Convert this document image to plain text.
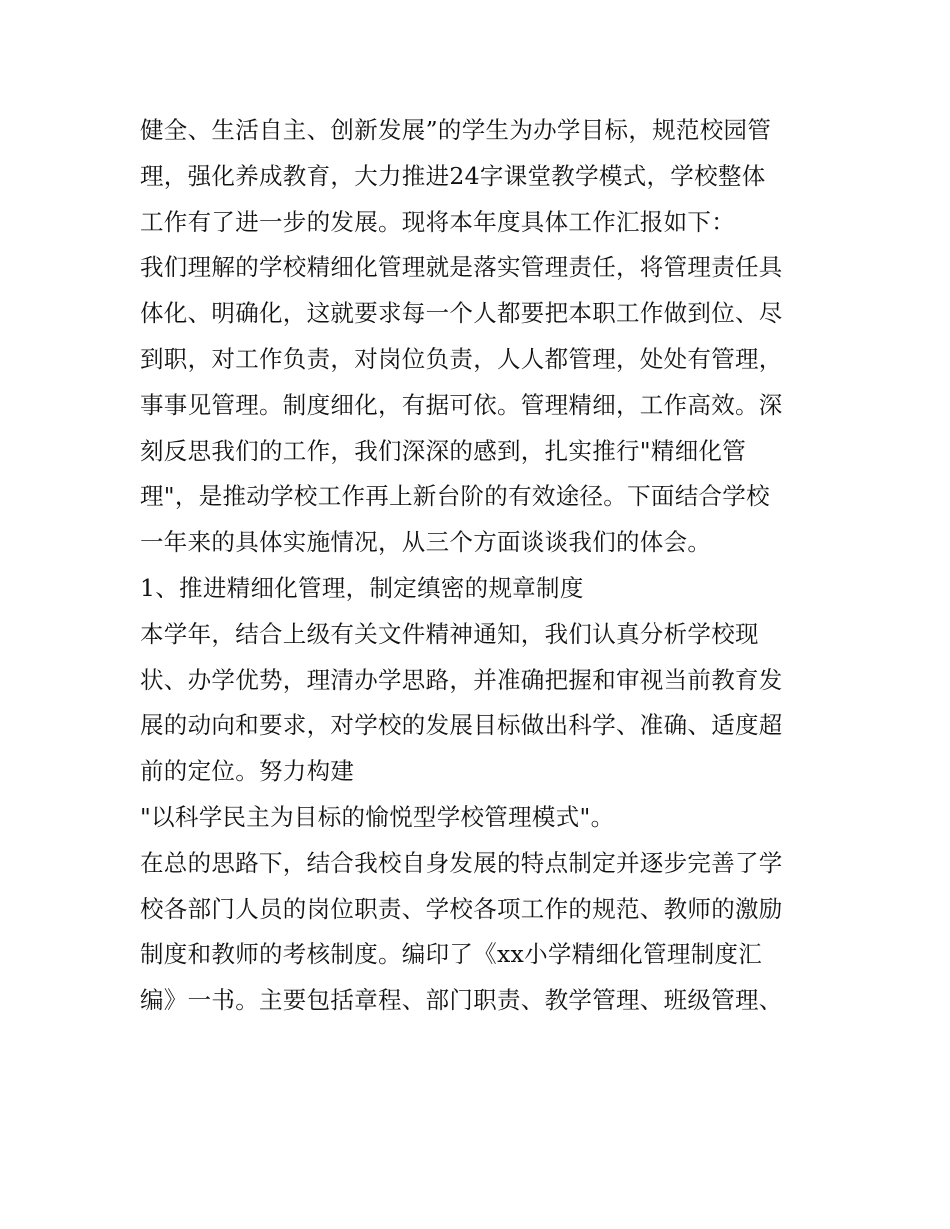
健全、生活自主、创新发展”的学生为办学目标，规范校园管
理，强化养成教育，大力推进24字课堂教学模式，学校整体
工作有了进一步的发展。现将本年度具体工作汇报如下：
我们理解的学校精细化管理就是落实管理责任，将管理责任具
体化、明确化，这就要求每一个人都要把本职工作做到位、尽
到职，对工作负责，对岗位负责，人人都管理，处处有管理，
事事见管理。制度细化，有据可依。管理精细，工作高效。深
刻反思我们的工作，我们深深的感到，扎实推行"精细化管
理"，是推动学校工作再上新台阶的有效途径。下面结合学校
一年来的具体实施情况，从三个方面谈谈我们的体会。
1、推进精细化管理，制定缜密的规章制度
本学年，结合上级有关文件精神通知，我们认真分析学校现
状、办学优势，理清办学思路，并准确把握和审视当前教育发
展的动向和要求，对学校的发展目标做出科学、准确、适度超
前的定位。努力构建
"以科学民主为目标的愉悦型学校管理模式"。
在总的思路下，结合我校自身发展的特点制定并逐步完善了学
校各部门人员的岗位职责、学校各项工作的规范、教师的激励
制度和教师的考核制度。编印了《xx小学精细化管理制度汇
编》一书。主要包括章程、部门职责、教学管理、班级管理、
